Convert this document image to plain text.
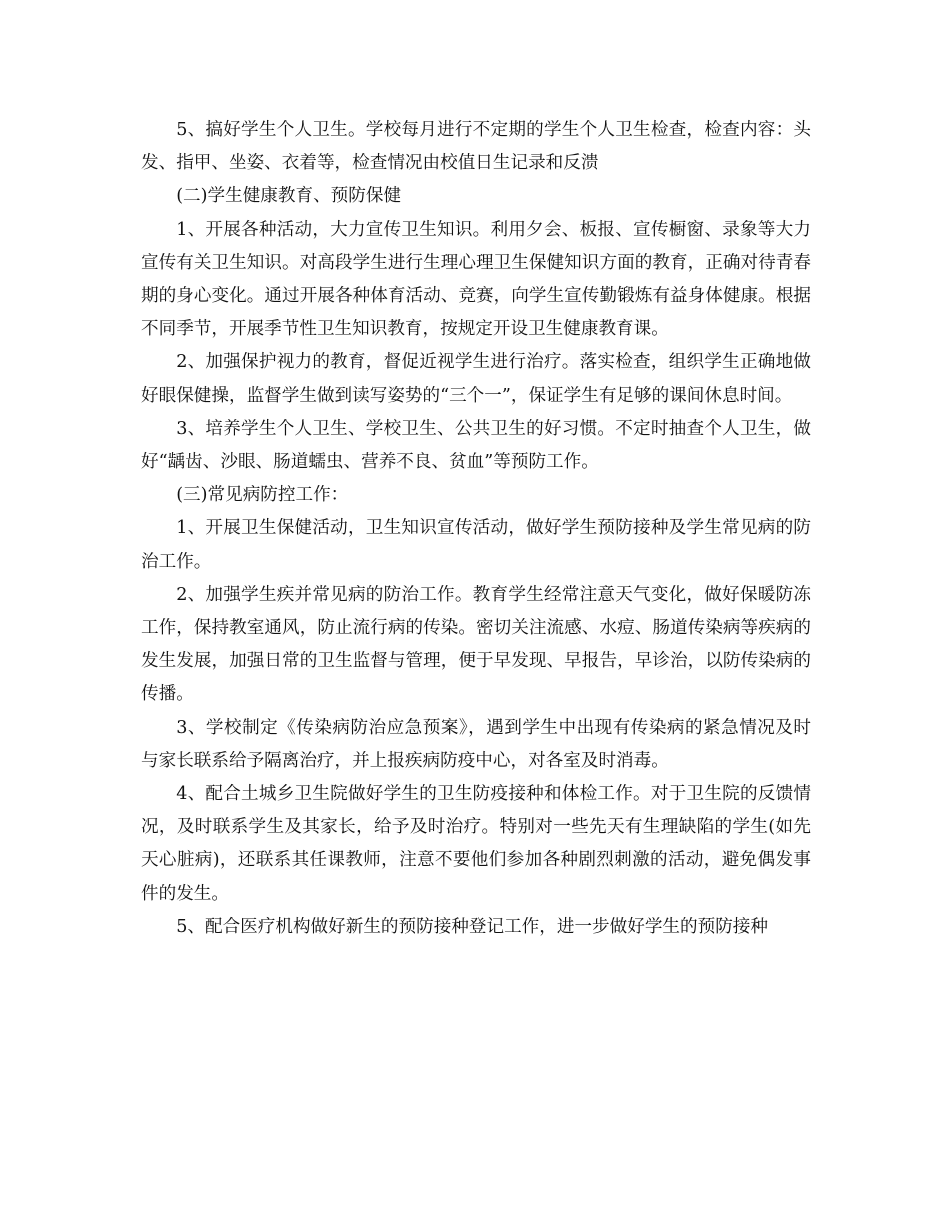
5、搞好学生个人卫生。学校每月进行不定期的学生个人卫生检查，检查内容：头发、指甲、坐姿、衣着等，检查情况由校值日生记录和反溃

(二)学生健康教育、预防保健

1、开展各种活动，大力宣传卫生知识。利用夕会、板报、宣传橱窗、录象等大力宣传有关卫生知识。对高段学生进行生理心理卫生保健知识方面的教育，正确对待青春期的身心变化。通过开展各种体育活动、竞赛，向学生宣传勤锻炼有益身体健康。根据不同季节，开展季节性卫生知识教育，按规定开设卫生健康教育课。

2、加强保护视力的教育，督促近视学生进行治疗。落实检查，组织学生正确地做好眼保健操，监督学生做到读写姿势的“三个一”，保证学生有足够的课间休息时间。

3、培养学生个人卫生、学校卫生、公共卫生的好习惯。不定时抽查个人卫生，做好“龋齿、沙眼、肠道蠕虫、营养不良、贫血”等预防工作。

(三)常见病防控工作：

1、开展卫生保健活动，卫生知识宣传活动，做好学生预防接种及学生常见病的防治工作。

2、加强学生疾并常见病的防治工作。教育学生经常注意天气变化，做好保暖防冻工作，保持教室通风，防止流行病的传染。密切关注流感、水痘、肠道传染病等疾病的发生发展，加强日常的卫生监督与管理，便于早发现、早报告，早诊治，以防传染病的传播。

3、学校制定《传染病防治应急预案》，遇到学生中出现有传染病的紧急情况及时与家长联系给予隔离治疗，并上报疾病防疫中心，对各室及时消毒。

4、配合土城乡卫生院做好学生的卫生防疫接种和体检工作。对于卫生院的反馈情况，及时联系学生及其家长，给予及时治疗。特别对一些先天有生理缺陷的学生(如先天心脏病)，还联系其任课教师，注意不要他们参加各种剧烈刺激的活动，避免偶发事件的发生。

5、配合医疗机构做好新生的预防接种登记工作，进一步做好学生的预防接种
